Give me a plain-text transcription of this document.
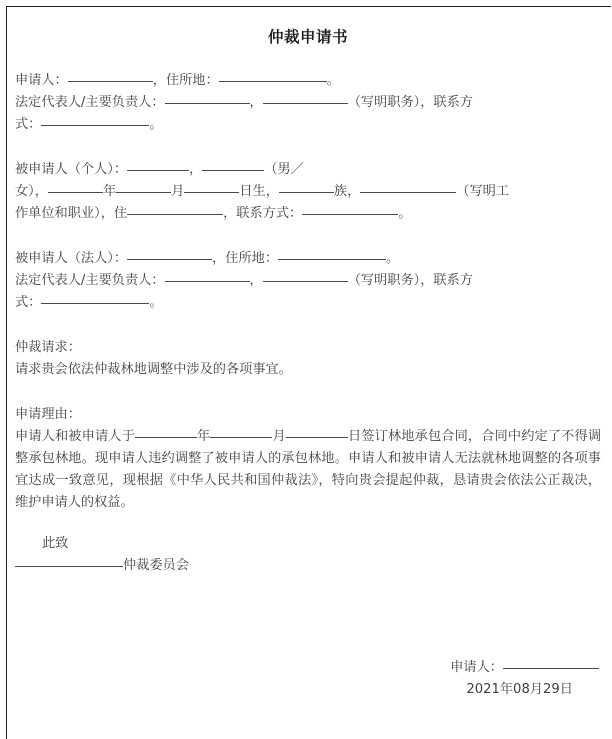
仲裁申请书

申请人：	，住所地：	。

法定代表人/主要负责人：	，	（写明职务），联系方

式：	。

被申请人（个人）：	，	（男／

女），	年	月	日生，	族，	（写明工

作单位和职业），住	，联系方式：	。

被申请人（法人）：	，住所地：	。

法定代表人/主要负责人：	，	（写明职务），联系方

式：	。

仲裁请求：

请求贵会依法仲裁林地调整中涉及的各项事宜。

申请理由：

申请人和被申请人于	年	月	日签订林地承包合同，合同中约定了不得调整承包林地。现申请人违约调整了被申请人的承包林地。申请人和被申请人无法就林地调整的各项事宜达成一致意见，现根据《中华人民共和国仲裁法》，特向贵会提起仲裁，恳请贵会依法公正裁决，维护申请人的权益。

此致

仲裁委员会

申请人：
2021年08月29日
